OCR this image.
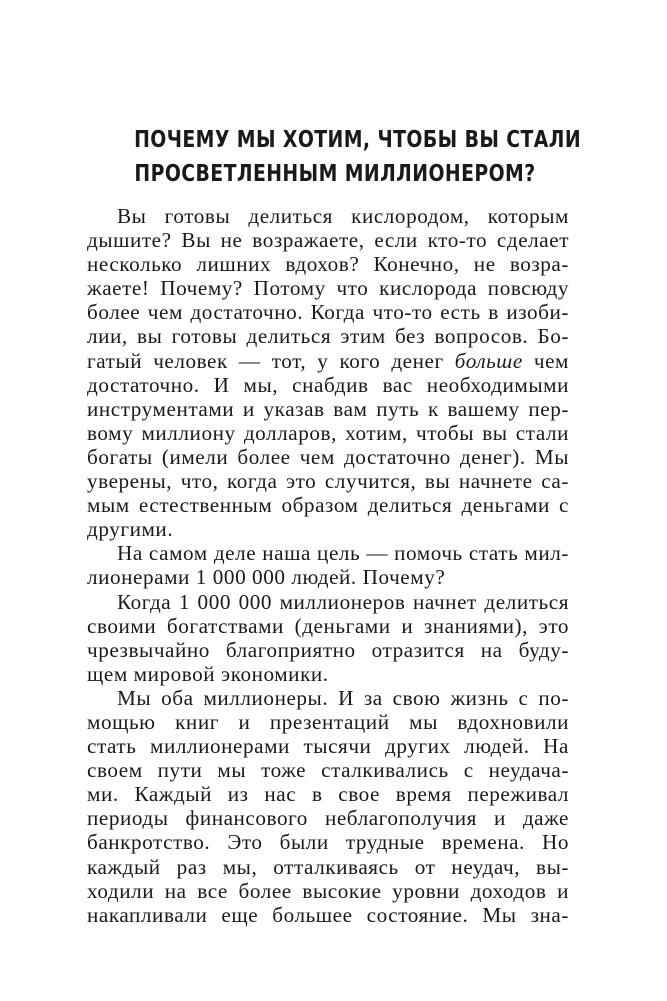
ПОЧЕМУ МЫ ХОТИМ, ЧТОБЫ ВЫ СТАЛИ
ПРОСВЕТЛЕННЫМ МИЛЛИОНЕРОМ?
Вы готовы делиться кислородом, которым
дышите? Вы не возражаете, если кто-то сделает
несколько лишних вдохов? Конечно, не возра-
жаете! Почему? Потому что кислорода повсюду
более чем достаточно. Когда что-то есть в изоби-
лии, вы готовы делиться этим без вопросов. Бо-
гатый человек — тот, у кого денег больше чем
достаточно. И мы, снабдив вас необходимыми
инструментами и указав вам путь к вашему пер-
вому миллиону долларов, хотим, чтобы вы стали
богаты (имели более чем достаточно денег). Мы
уверены, что, когда это случится, вы начнете са-
мым естественным образом делиться деньгами с
другими.
На самом деле наша цель — помочь стать мил-
лионерами 1 000 000 людей. Почему?
Когда 1 000 000 миллионеров начнет делиться
своими богатствами (деньгами и знаниями), это
чрезвычайно благоприятно отразится на буду-
щем мировой экономики.
Мы оба миллионеры. И за свою жизнь с по-
мощью книг и презентаций мы вдохновили
стать миллионерами тысячи других людей. На
своем пути мы тоже сталкивались с неудача-
ми. Каждый из нас в свое время переживал
периоды финансового неблагополучия и даже
банкротство. Это были трудные времена. Но
каждый раз мы, отталкиваясь от неудач, вы-
ходили на все более высокие уровни доходов и
накапливали еще большее состояние. Мы зна-
